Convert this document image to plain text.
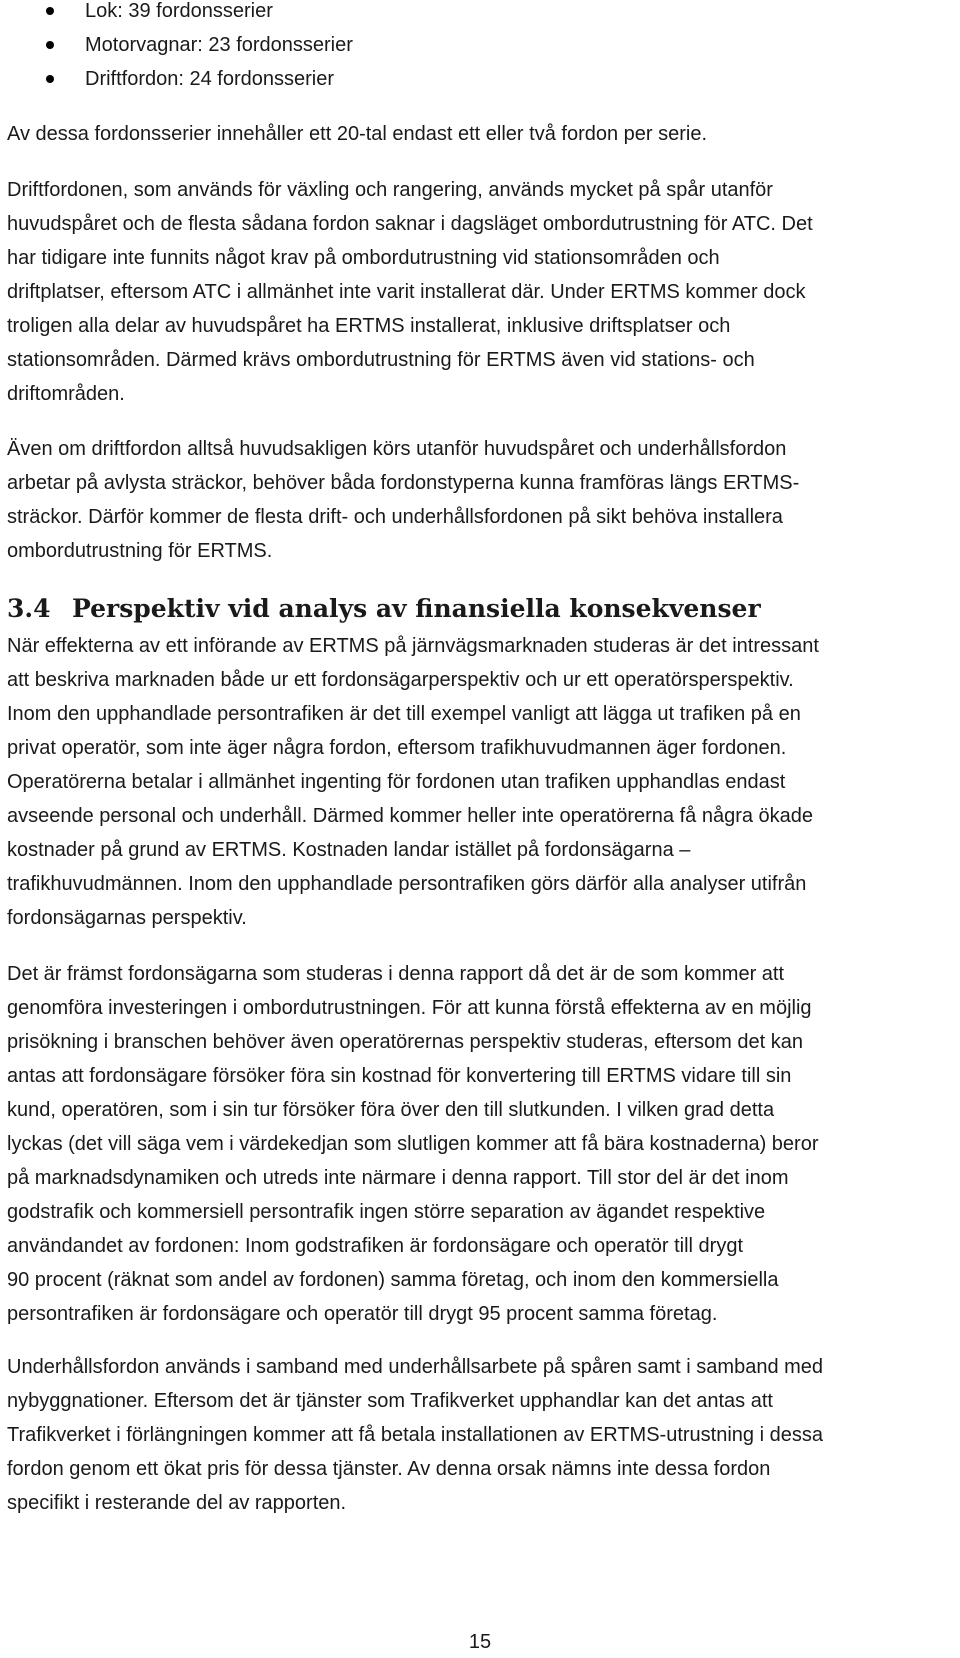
Lok: 39 fordonsserier
Motorvagnar: 23 fordonsserier
Driftfordon: 24 fordonsserier
Av dessa fordonsserier innehåller ett 20-tal endast ett eller två fordon per serie.
Driftfordonen, som används för växling och rangering, används mycket på spår utanför
huvudspåret och de flesta sådana fordon saknar i dagsläget ombordutrustning för ATC. Det
har tidigare inte funnits något krav på ombordutrustning vid stationsområden och
driftplatser, eftersom ATC i allmänhet inte varit installerat där. Under ERTMS kommer dock
troligen alla delar av huvudspåret ha ERTMS installerat, inklusive driftsplatser och
stationsområden. Därmed krävs ombordutrustning för ERTMS även vid stations- och
driftområden.
Även om driftfordon alltså huvudsakligen körs utanför huvudspåret och underhållsfordon
arbetar på avlysta sträckor, behöver båda fordonstyperna kunna framföras längs ERTMS-
sträckor. Därför kommer de flesta drift- och underhållsfordonen på sikt behöva installera
ombordutrustning för ERTMS.
3.4 Perspektiv vid analys av finansiella konsekvenser
När effekterna av ett införande av ERTMS på järnvägsmarknaden studeras är det intressant
att beskriva marknaden både ur ett fordonsägarperspektiv och ur ett operatörsperspektiv.
Inom den upphandlade persontrafiken är det till exempel vanligt att lägga ut trafiken på en
privat operatör, som inte äger några fordon, eftersom trafikhuvudmannen äger fordonen.
Operatörerna betalar i allmänhet ingenting för fordonen utan trafiken upphandlas endast
avseende personal och underhåll. Därmed kommer heller inte operatörerna få några ökade
kostnader på grund av ERTMS. Kostnaden landar istället på fordonsägarna –
trafikhuvudmännen. Inom den upphandlade persontrafiken görs därför alla analyser utifrån
fordonsägarnas perspektiv.
Det är främst fordonsägarna som studeras i denna rapport då det är de som kommer att
genomföra investeringen i ombordutrustningen. För att kunna förstå effekterna av en möjlig
prisökning i branschen behöver även operatörernas perspektiv studeras, eftersom det kan
antas att fordonsägare försöker föra sin kostnad för konvertering till ERTMS vidare till sin
kund, operatören, som i sin tur försöker föra över den till slutkunden. I vilken grad detta
lyckas (det vill säga vem i värdekedjan som slutligen kommer att få bära kostnaderna) beror
på marknadsdynamiken och utreds inte närmare i denna rapport. Till stor del är det inom
godstrafik och kommersiell persontrafik ingen större separation av ägandet respektive
användandet av fordonen: Inom godstrafiken är fordonsägare och operatör till drygt
90 procent (räknat som andel av fordonen) samma företag, och inom den kommersiella
persontrafiken är fordonsägare och operatör till drygt 95 procent samma företag.
Underhållsfordon används i samband med underhållsarbete på spåren samt i samband med
nybyggnationer. Eftersom det är tjänster som Trafikverket upphandlar kan det antas att
Trafikverket i förlängningen kommer att få betala installationen av ERTMS-utrustning i dessa
fordon genom ett ökat pris för dessa tjänster. Av denna orsak nämns inte dessa fordon
specifikt i resterande del av rapporten.
15
